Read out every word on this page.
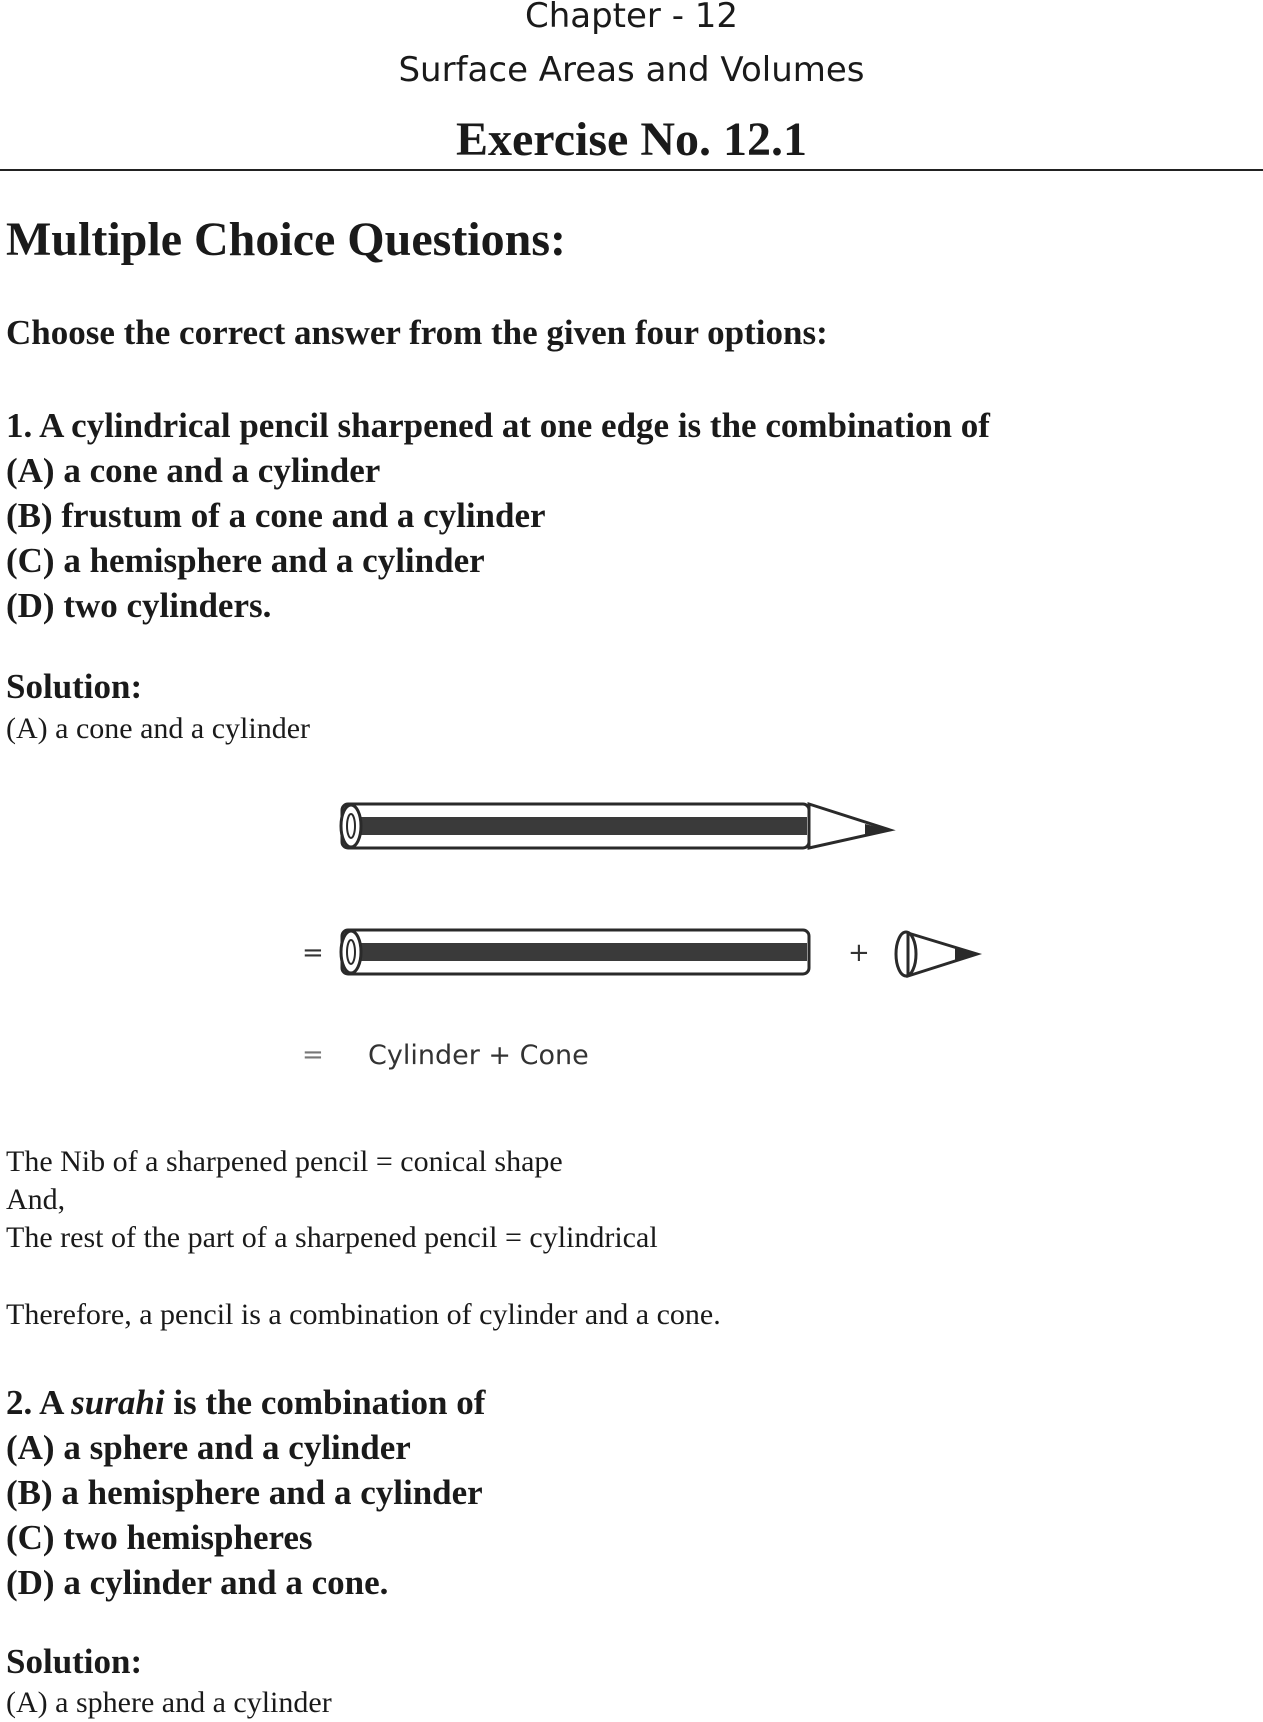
Chapter - 12
Surface Areas and Volumes
Exercise No. 12.1
Multiple Choice Questions:
Choose the correct answer from the given four options:
1. A cylindrical pencil sharpened at one edge is the combination of
(A) a cone and a cylinder
(B) frustum of a cone and a cylinder
(C) a hemisphere and a cylinder
(D) two cylinders.
Solution:
(A) a cone and a cylinder
=	+
= Cylinder + Cone
The Nib of a sharpened pencil = conical shape
And,
The rest of the part of a sharpened pencil = cylindrical
Therefore, a pencil is a combination of cylinder and a cone.
2. A surahi is the combination of
(A) a sphere and a cylinder
(B) a hemisphere and a cylinder
(C) two hemispheres
(D) a cylinder and a cone.
Solution:
(A) a sphere and a cylinder
